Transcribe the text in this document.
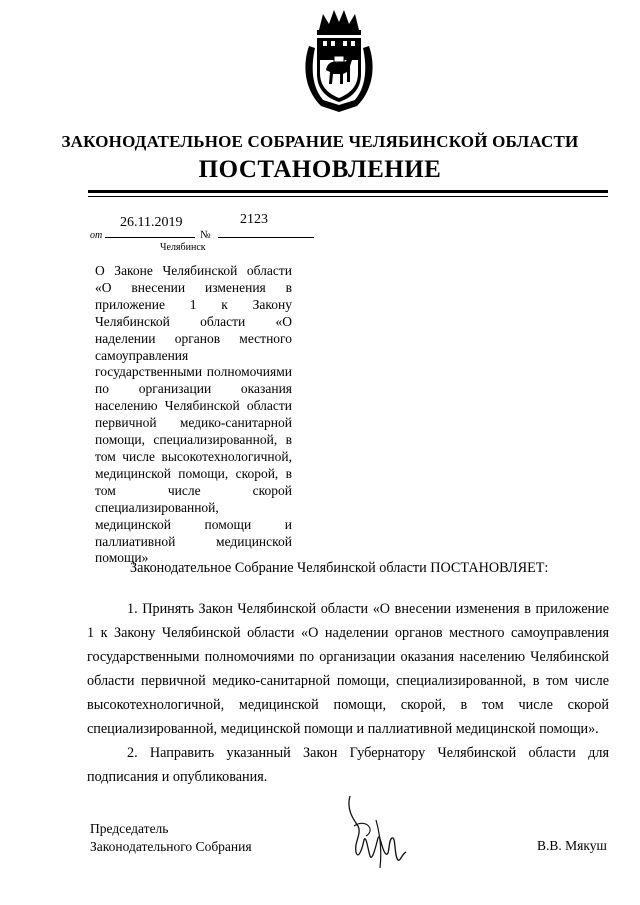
ЗАКОНОДАТЕЛЬНОЕ СОБРАНИЕ ЧЕЛЯБИНСКОЙ ОБЛАСТИ
ПОСТАНОВЛЕНИЕ
26.11.2019	2123
от	№
Челябинск
О Законе Челябинской области «О внесении изменения в приложение 1 к Закону Челябинской области «О наделении органов местного самоуправления государственными полномочиями по организации оказания населению Челябинской области первичной медико-санитарной помощи, специализированной, в том числе высокотехнологичной, медицинской помощи, скорой, в том числе скорой специализированной, медицинской помощи и паллиативной медицинской помощи»
Законодательное Собрание Челябинской области ПОСТАНОВЛЯЕТ:
1. Принять Закон Челябинской области «О внесении изменения в приложение 1 к Закону Челябинской области «О наделении органов местного самоуправления государственными полномочиями по организации оказания населению Челябинской области первичной медико-санитарной помощи, специализированной, в том числе высокотехнологичной, медицинской помощи, скорой, в том числе скорой специализированной, медицинской помощи и паллиативной медицинской помощи».
2. Направить указанный Закон Губернатору Челябинской области для подписания и опубликования.
Председатель
Законодательного Собрания	В.В. Мякуш
